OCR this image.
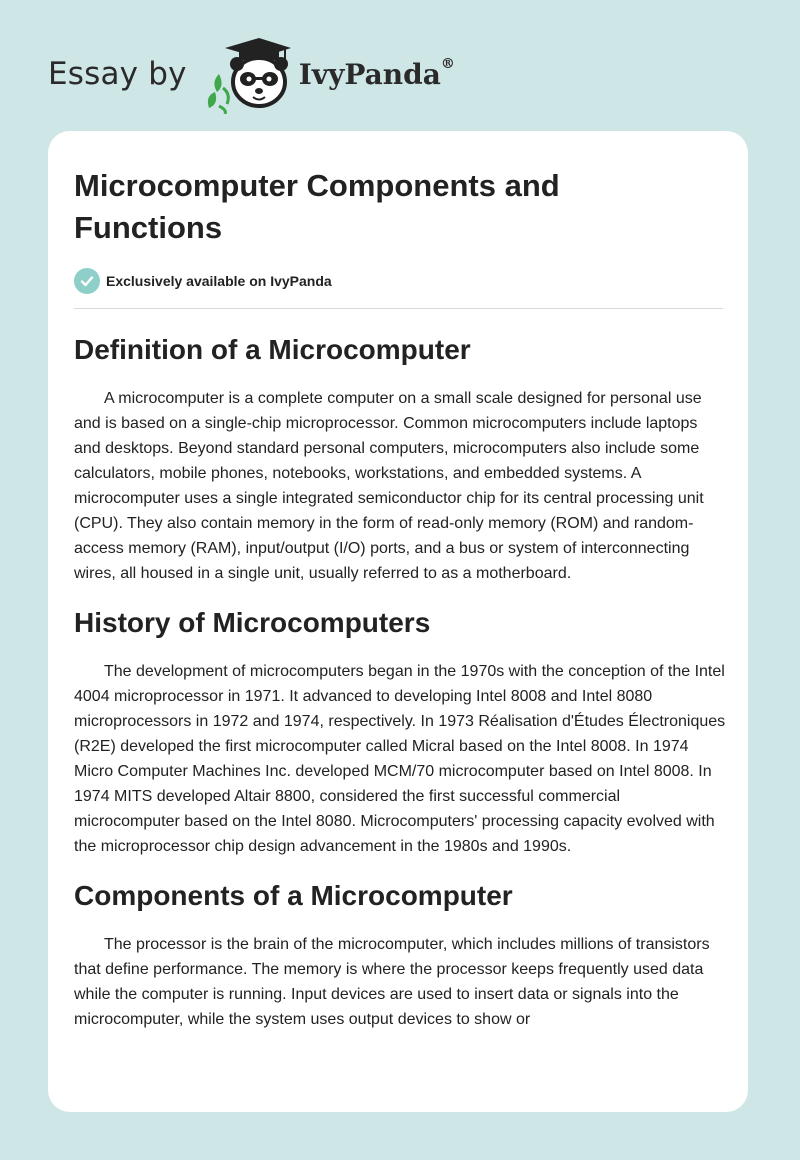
Essay by	IvyPanda®
Microcomputer Components and Functions
Exclusively available on IvyPanda
Definition of a Microcomputer

A microcomputer is a complete computer on a small scale designed for personal use and is based on a single-chip microprocessor. Common microcomputers include laptops and desktops. Beyond standard personal computers, microcomputers also include some calculators, mobile phones, notebooks, workstations, and embedded systems. A microcomputer uses a single integrated semiconductor chip for its central processing unit (CPU). They also contain memory in the form of read-only memory (ROM) and random-access memory (RAM), input/output (I/O) ports, and a bus or system of interconnecting wires, all housed in a single unit, usually referred to as a motherboard.

History of Microcomputers

The development of microcomputers began in the 1970s with the conception of the Intel 4004 microprocessor in 1971. It advanced to developing Intel 8008 and Intel 8080 microprocessors in 1972 and 1974, respectively. In 1973 Réalisation d'Études Électroniques (R2E) developed the first microcomputer called Micral based on the Intel 8008. In 1974 Micro Computer Machines Inc. developed MCM/70 microcomputer based on Intel 8008. In 1974 MITS developed Altair 8800, considered the first successful commercial microcomputer based on the Intel 8080. Microcomputers' processing capacity evolved with the microprocessor chip design advancement in the 1980s and 1990s.

Components of a Microcomputer

The processor is the brain of the microcomputer, which includes millions of transistors that define performance. The memory is where the processor keeps frequently used data while the computer is running. Input devices are used to insert data or signals into the microcomputer, while the system uses output devices to show or
